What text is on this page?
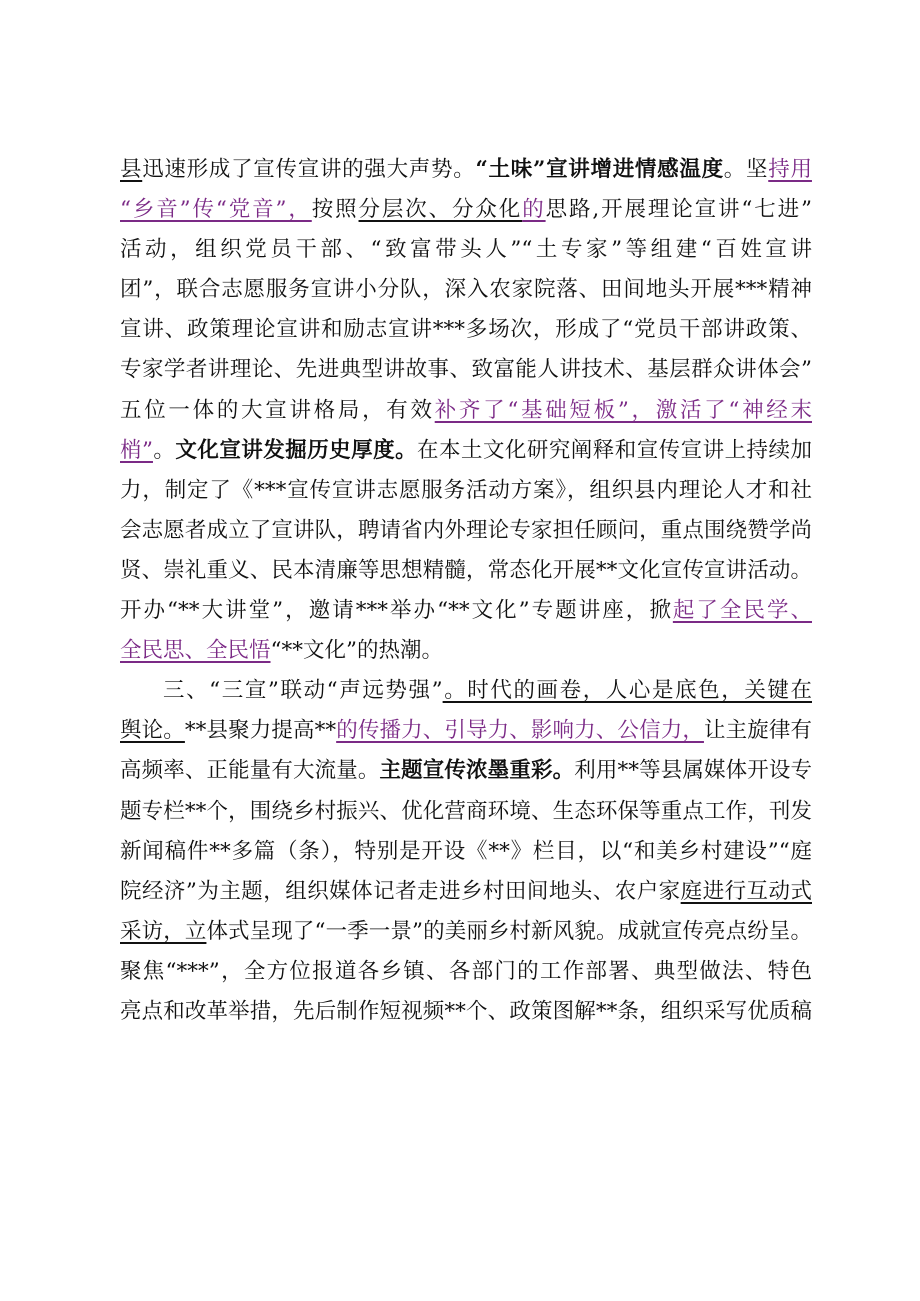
县迅速形成了宣传宣讲的强大声势。“土味”宣讲增进情感温度。坚持用
“乡音”传“党音”，按照分层次、分众化的思路,开展理论宣讲“七进”
活动，组织党员干部、“致富带头人”“土专家”等组建“百姓宣讲
团”，联合志愿服务宣讲小分队，深入农家院落、田间地头开展***精神
宣讲、政策理论宣讲和励志宣讲***多场次，形成了“党员干部讲政策、
专家学者讲理论、先进典型讲故事、致富能人讲技术、基层群众讲体会”
五位一体的大宣讲格局，有效补齐了“基础短板”，激活了“神经末
梢”。文化宣讲发掘历史厚度。在本土文化研究阐释和宣传宣讲上持续加
力，制定了《***宣传宣讲志愿服务活动方案》，组织县内理论人才和社
会志愿者成立了宣讲队，聘请省内外理论专家担任顾问，重点围绕赞学尚
贤、崇礼重义、民本清廉等思想精髓，常态化开展**文化宣传宣讲活动。
开办“**大讲堂”，邀请***举办“**文化”专题讲座，掀起了全民学、
全民思、全民悟“**文化”的热潮。
三、“三宣”联动“声远势强”。时代的画卷，人心是底色，关键在
舆论。**县聚力提高**的传播力、引导力、影响力、公信力，让主旋律有
高频率、正能量有大流量。主题宣传浓墨重彩。利用**等县属媒体开设专
题专栏**个，围绕乡村振兴、优化营商环境、生态环保等重点工作，刊发
新闻稿件**多篇（条），特别是开设《**》栏目，以“和美乡村建设”“庭
院经济”为主题，组织媒体记者走进乡村田间地头、农户家庭进行互动式
采访，立体式呈现了“一季一景”的美丽乡村新风貌。成就宣传亮点纷呈。
聚焦“***”，全方位报道各乡镇、各部门的工作部署、典型做法、特色
亮点和改革举措，先后制作短视频**个、政策图解**条，组织采写优质稿
